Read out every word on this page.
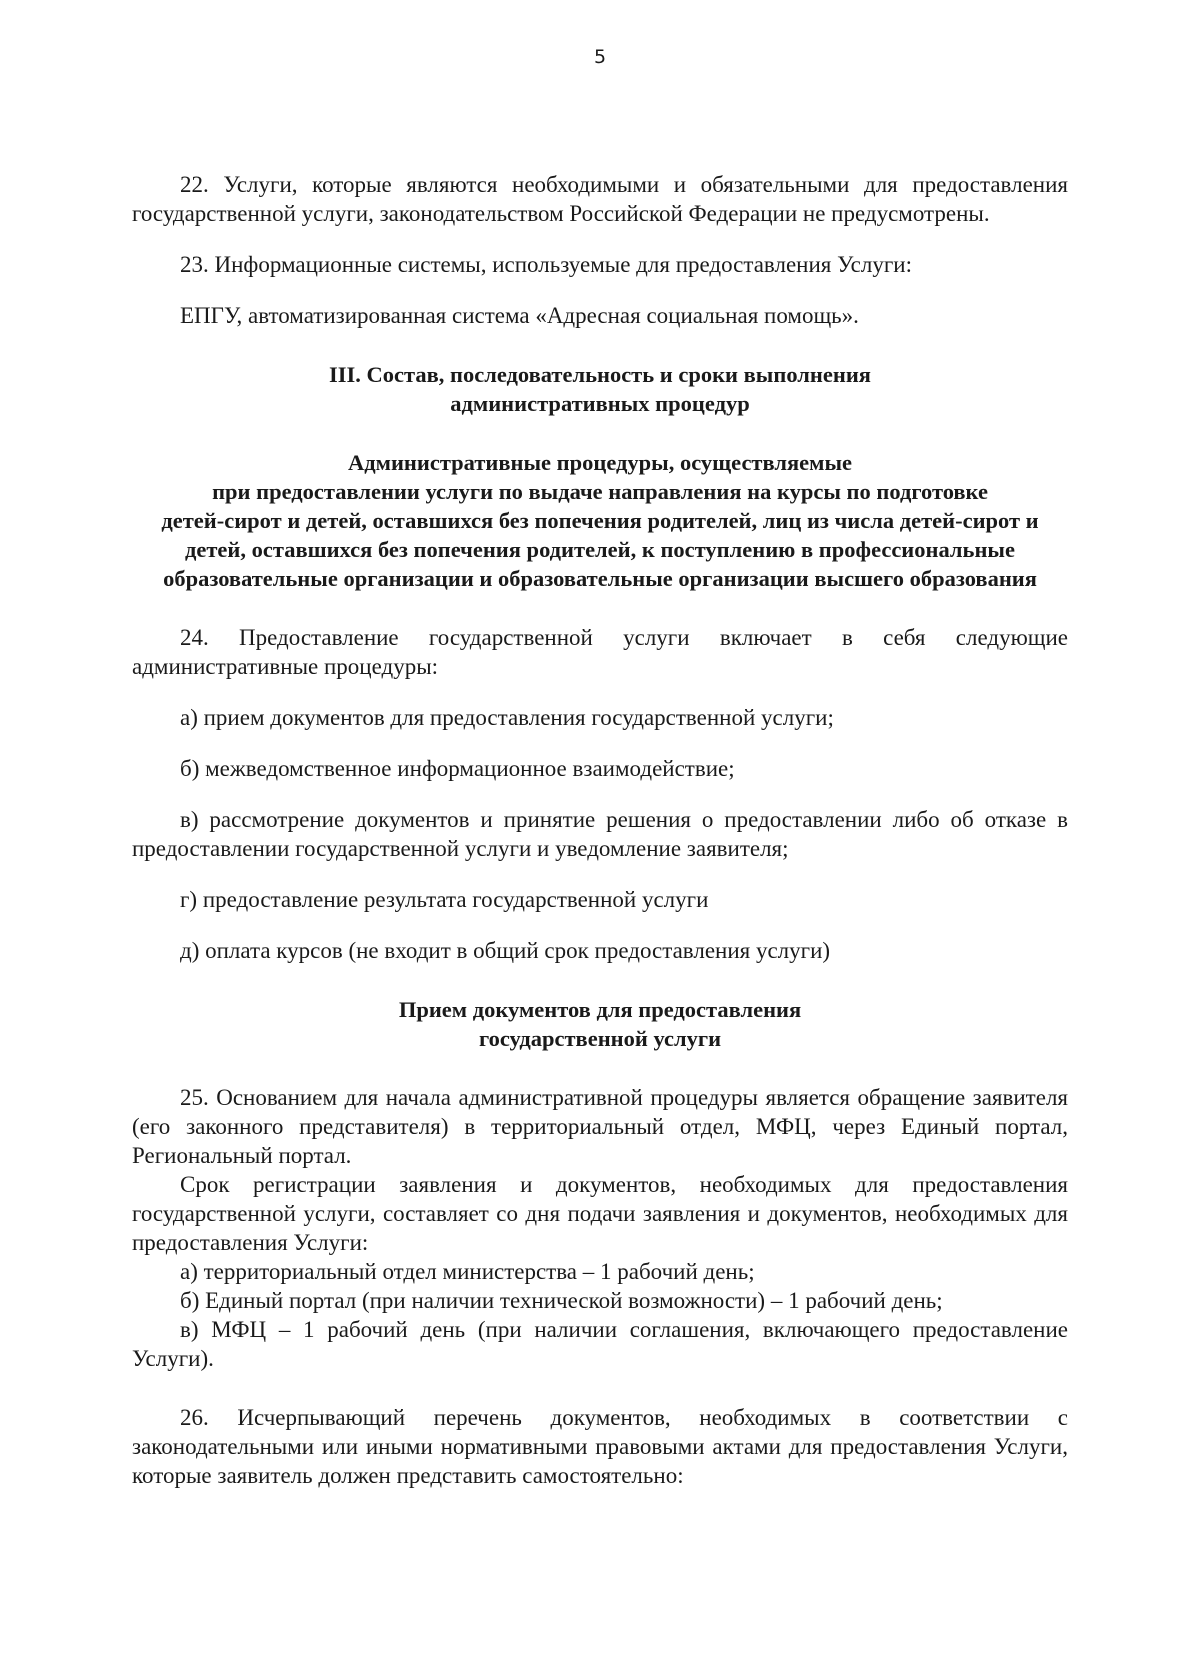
5

22. Услуги, которые являются необходимыми и обязательными для предоставления государственной услуги, законодательством Российской Федерации не предусмотрены.

23. Информационные системы, используемые для предоставления Услуги:

ЕПГУ, автоматизированная система «Адресная социальная помощь».

III. Состав, последовательность и сроки выполнения
административных процедур
Административные процедуры, осуществляемые
при предоставлении услуги по выдаче направления на курсы по подготовке
детей-сирот и детей, оставшихся без попечения родителей, лиц из числа детей-сирот и
детей, оставшихся без попечения родителей, к поступлению в профессиональные
образовательные организации и образовательные организации высшего образования

24. Предоставление государственной услуги включает в себя следующие административные процедуры:

а) прием документов для предоставления государственной услуги;

б) межведомственное информационное взаимодействие;

в) рассмотрение документов и принятие решения о предоставлении либо об отказе в предоставлении государственной услуги и уведомление заявителя;

г) предоставление результата государственной услуги

д) оплата курсов (не входит в общий срок предоставления услуги)

Прием документов для предоставления
государственной услуги

25. Основанием для начала административной процедуры является обращение заявителя (его законного представителя) в территориальный отдел, МФЦ, через Единый портал, Региональный портал.

Срок регистрации заявления и документов, необходимых для предоставления государственной услуги, составляет со дня подачи заявления и документов, необходимых для предоставления Услуги:

а) территориальный отдел министерства – 1 рабочий день;

б) Единый портал (при наличии технической возможности) – 1 рабочий день;

в) МФЦ – 1 рабочий день (при наличии соглашения, включающего предоставление Услуги).

26. Исчерпывающий перечень документов, необходимых в соответствии с законодательными или иными нормативными правовыми актами для предоставления Услуги, которые заявитель должен представить самостоятельно:
